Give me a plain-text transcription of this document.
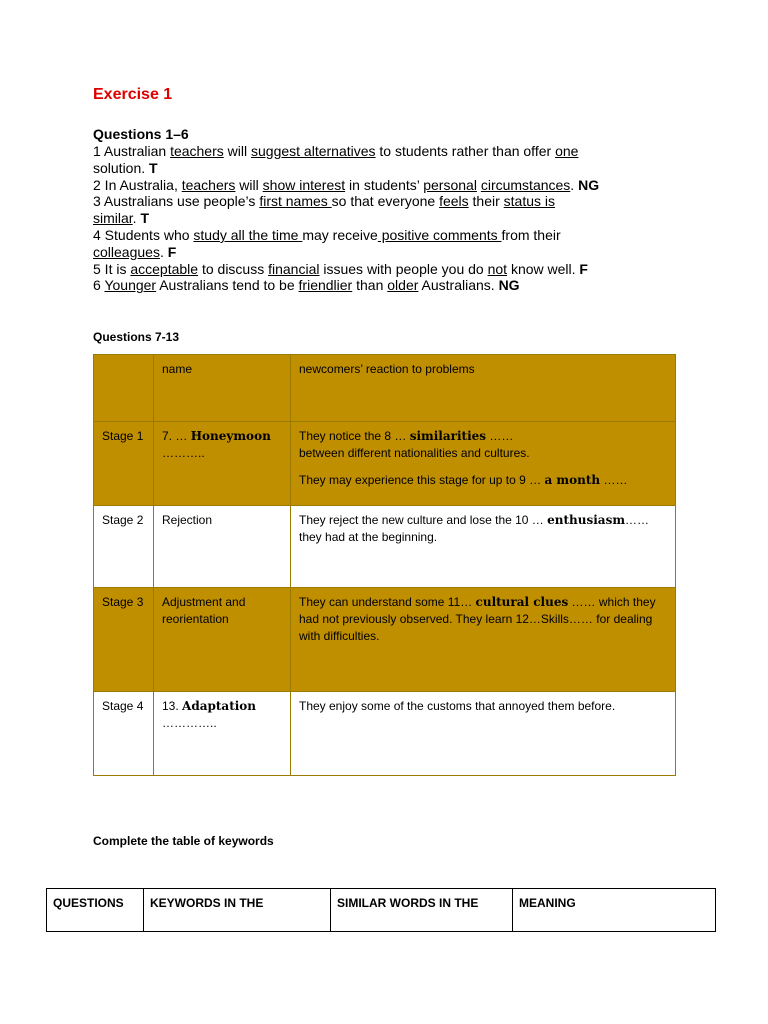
Exercise 1
Questions 1–6
1 Australian teachers will suggest alternatives to students rather than offer one
solution. T
2 In Australia, teachers will show interest in students’ personal circumstances. NG
3 Australians use people’s first names so that everyone feels their status is
similar. T
4 Students who study all the time may receive positive comments from their
colleagues. F
5 It is acceptable to discuss financial issues with people you do not know well. F
6 Younger Australians tend to be friendlier than older Australians. NG
Questions 7-13
	name	newcomers’ reaction to problems
Stage 1	7. … Honeymoon ………..	They notice the 8 … similarities ……
between different nationalities and cultures.

They may experience this stage for up to 9 … a month ……

Stage 2	Rejection	They reject the new culture and lose the 10 … enthusiasm……
they had at the beginning.

Stage 3	Adjustment and reorientation	They can understand some 11… cultural clues …… which they had not previously observed. They learn 12…Skills…… for dealing with difficulties.

Stage 4	13. Adaptation …………..	They enjoy some of the customs that annoyed them before.

Complete the table of keywords
QUESTIONS	KEYWORDS IN THE	SIMILAR WORDS IN THE	MEANING
